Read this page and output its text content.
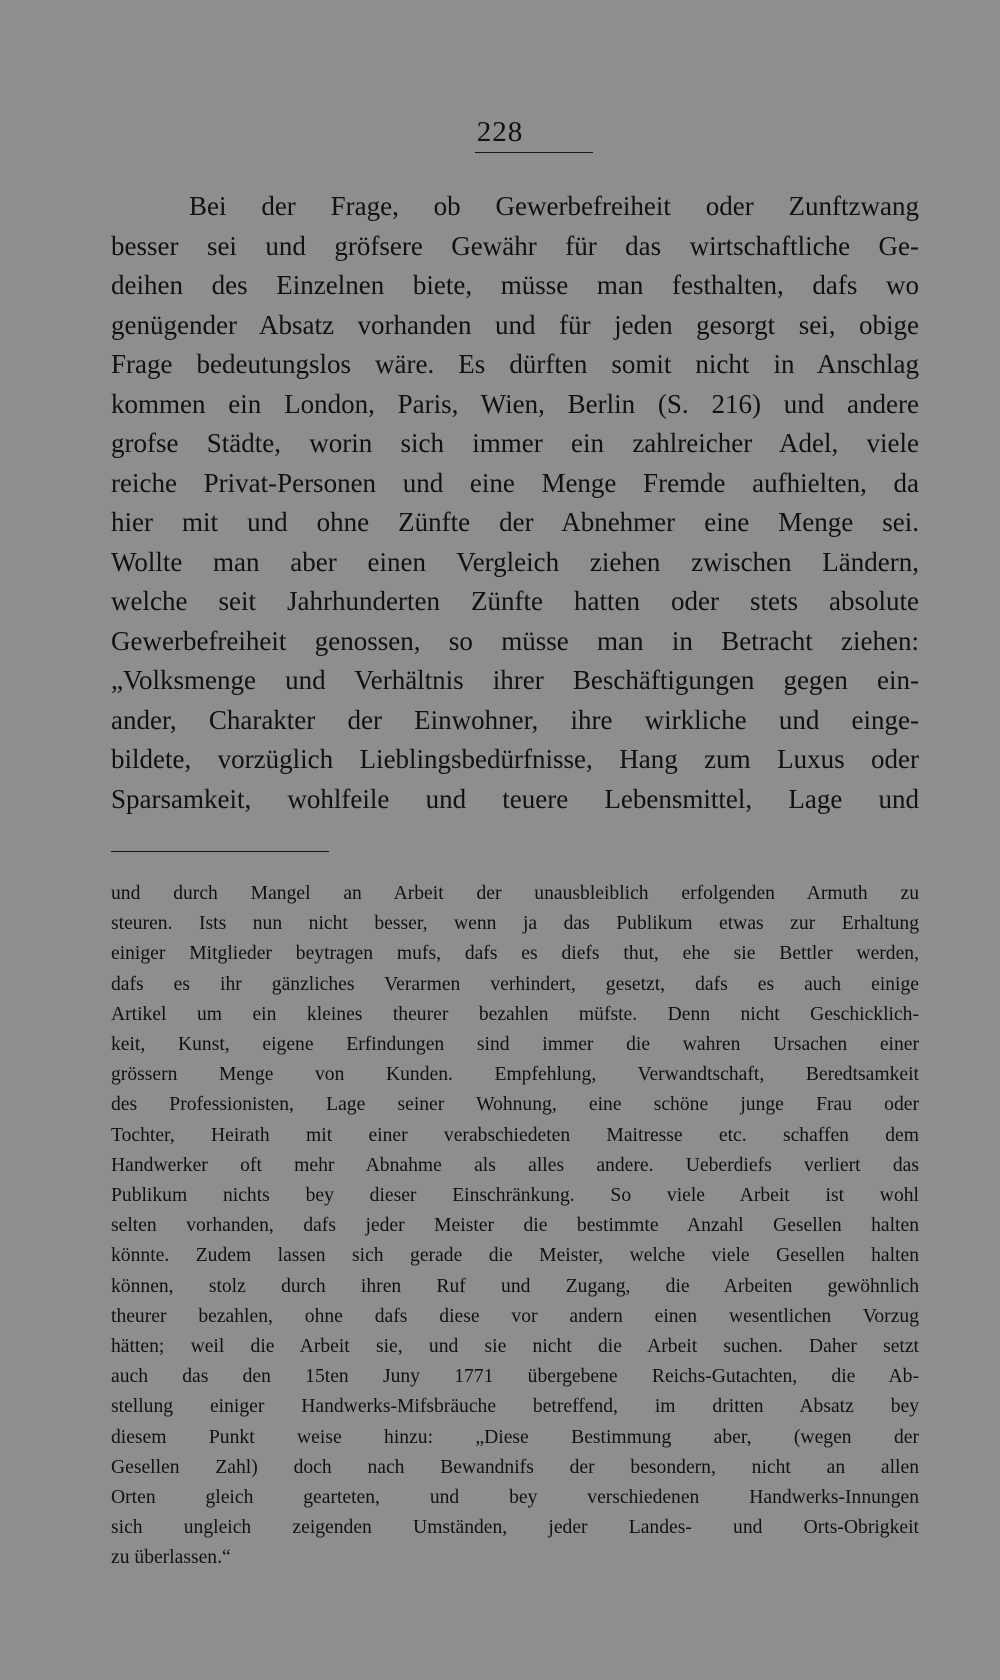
228
Bei der Frage, ob Gewerbefreiheit oder Zunftzwang
besser sei und gröfsere Gewähr für das wirtschaftliche Ge-
deihen des Einzelnen biete, müsse man festhalten, dafs wo
genügender Absatz vorhanden und für jeden gesorgt sei, obige
Frage bedeutungslos wäre. Es dürften somit nicht in Anschlag
kommen ein London, Paris, Wien, Berlin (S. 216) und andere
grofse Städte, worin sich immer ein zahlreicher Adel, viele
reiche Privat-Personen und eine Menge Fremde aufhielten, da
hier mit und ohne Zünfte der Abnehmer eine Menge sei.
Wollte man aber einen Vergleich ziehen zwischen Ländern,
welche seit Jahrhunderten Zünfte hatten oder stets absolute
Gewerbefreiheit genossen, so müsse man in Betracht ziehen:
„Volksmenge und Verhältnis ihrer Beschäftigungen gegen ein-
ander, Charakter der Einwohner, ihre wirkliche und einge-
bildete, vorzüglich Lieblingsbedürfnisse, Hang zum Luxus oder
Sparsamkeit, wohlfeile und teuere Lebensmittel, Lage und
und durch Mangel an Arbeit der unausbleiblich erfolgenden Armuth zu
steuren. Ists nun nicht besser, wenn ja das Publikum etwas zur Erhaltung
einiger Mitglieder beytragen mufs, dafs es diefs thut, ehe sie Bettler werden,
dafs es ihr gänzliches Verarmen verhindert, gesetzt, dafs es auch einige
Artikel um ein kleines theurer bezahlen müfste. Denn nicht Geschicklich-
keit, Kunst, eigene Erfindungen sind immer die wahren Ursachen einer
grössern Menge von Kunden. Empfehlung, Verwandtschaft, Beredtsamkeit
des Professionisten, Lage seiner Wohnung, eine schöne junge Frau oder
Tochter, Heirath mit einer verabschiedeten Maitresse etc. schaffen dem
Handwerker oft mehr Abnahme als alles andere. Ueberdiefs verliert das
Publikum nichts bey dieser Einschränkung. So viele Arbeit ist wohl
selten vorhanden, dafs jeder Meister die bestimmte Anzahl Gesellen halten
könnte. Zudem lassen sich gerade die Meister, welche viele Gesellen halten
können, stolz durch ihren Ruf und Zugang, die Arbeiten gewöhnlich
theurer bezahlen, ohne dafs diese vor andern einen wesentlichen Vorzug
hätten; weil die Arbeit sie, und sie nicht die Arbeit suchen. Daher setzt
auch das den 15ten Juny 1771 übergebene Reichs-Gutachten, die Ab-
stellung einiger Handwerks-Mifsbräuche betreffend, im dritten Absatz bey
diesem Punkt weise hinzu: „Diese Bestimmung aber, (wegen der
Gesellen Zahl) doch nach Bewandnifs der besondern, nicht an allen
Orten gleich gearteten, und bey verschiedenen Handwerks-Innungen
sich ungleich zeigenden Umständen, jeder Landes- und Orts-Obrigkeit
zu überlassen.“
